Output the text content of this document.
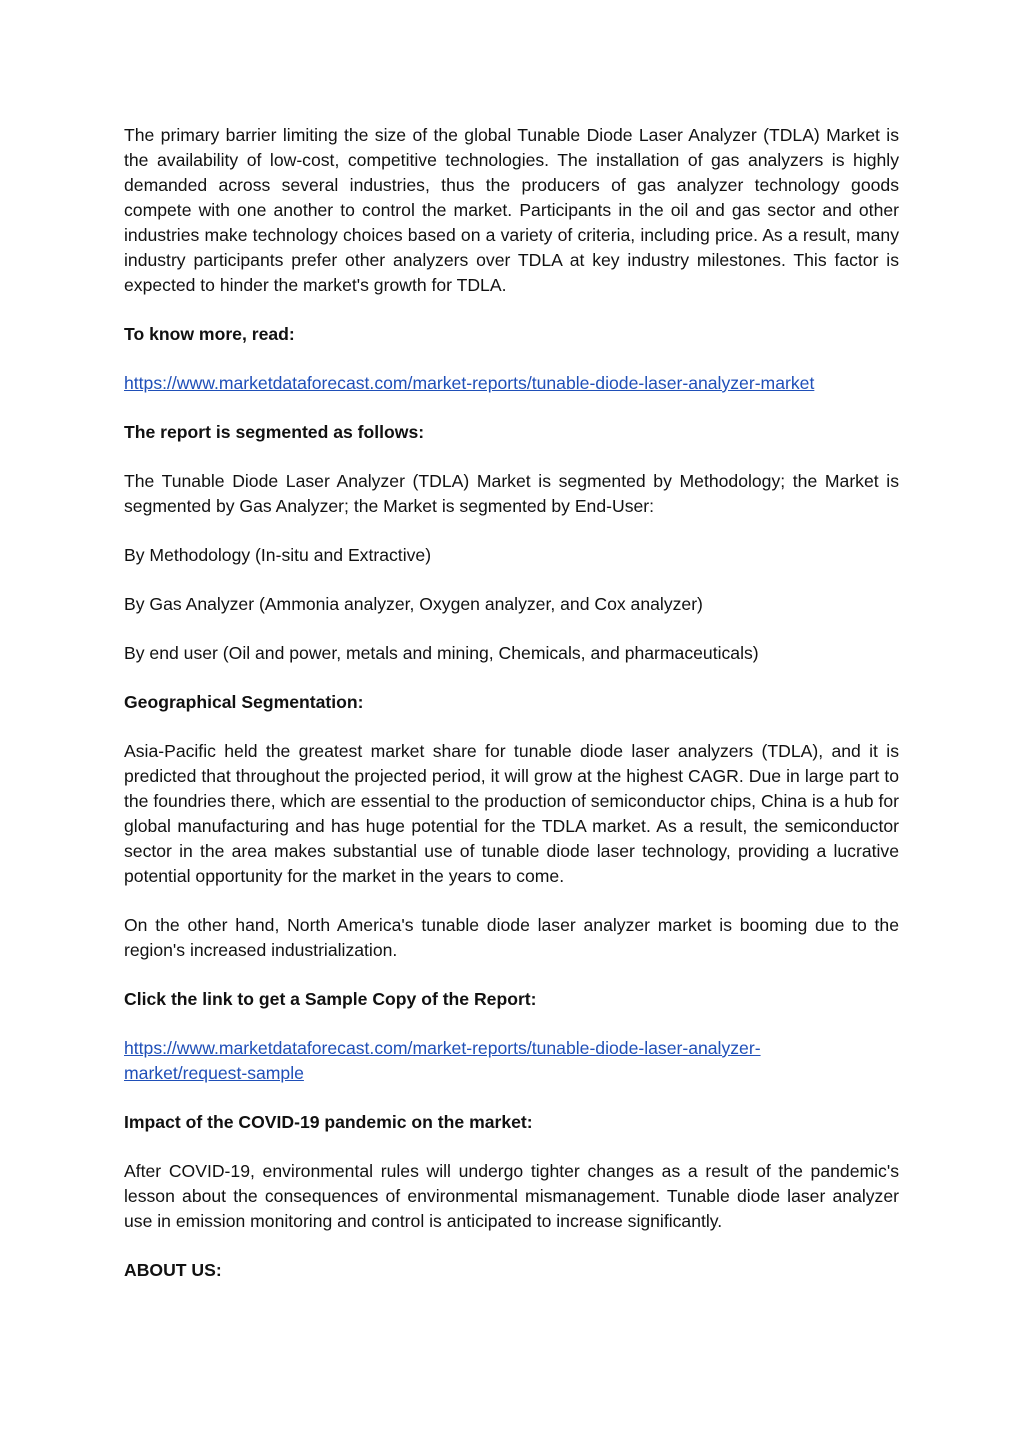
The primary barrier limiting the size of the global Tunable Diode Laser Analyzer (TDLA) Market is the availability of low-cost, competitive technologies. The installation of gas analyzers is highly demanded across several industries, thus the producers of gas analyzer technology goods compete with one another to control the market. Participants in the oil and gas sector and other industries make technology choices based on a variety of criteria, including price. As a result, many industry participants prefer other analyzers over TDLA at key industry milestones. This factor is expected to hinder the market's growth for TDLA.

To know more, read:

https://www.marketdataforecast.com/market-reports/tunable-diode-laser-analyzer-market

The report is segmented as follows:

The Tunable Diode Laser Analyzer (TDLA) Market is segmented by Methodology; the Market is segmented by Gas Analyzer; the Market is segmented by End-User:

By Methodology (In-situ and Extractive)

By Gas Analyzer (Ammonia analyzer, Oxygen analyzer, and Cox analyzer)

By end user (Oil and power, metals and mining, Chemicals, and pharmaceuticals)

Geographical Segmentation:

Asia-Pacific held the greatest market share for tunable diode laser analyzers (TDLA), and it is predicted that throughout the projected period, it will grow at the highest CAGR. Due in large part to the foundries there, which are essential to the production of semiconductor chips, China is a hub for global manufacturing and has huge potential for the TDLA market. As a result, the semiconductor sector in the area makes substantial use of tunable diode laser technology, providing a lucrative potential opportunity for the market in the years to come.

On the other hand, North America's tunable diode laser analyzer market is booming due to the region's increased industrialization.

Click the link to get a Sample Copy of the Report:

https://www.marketdataforecast.com/market-reports/tunable-diode-laser-analyzer-
market/request-sample

Impact of the COVID-19 pandemic on the market:

After COVID-19, environmental rules will undergo tighter changes as a result of the pandemic's lesson about the consequences of environmental mismanagement. Tunable diode laser analyzer use in emission monitoring and control is anticipated to increase significantly.

ABOUT US:
